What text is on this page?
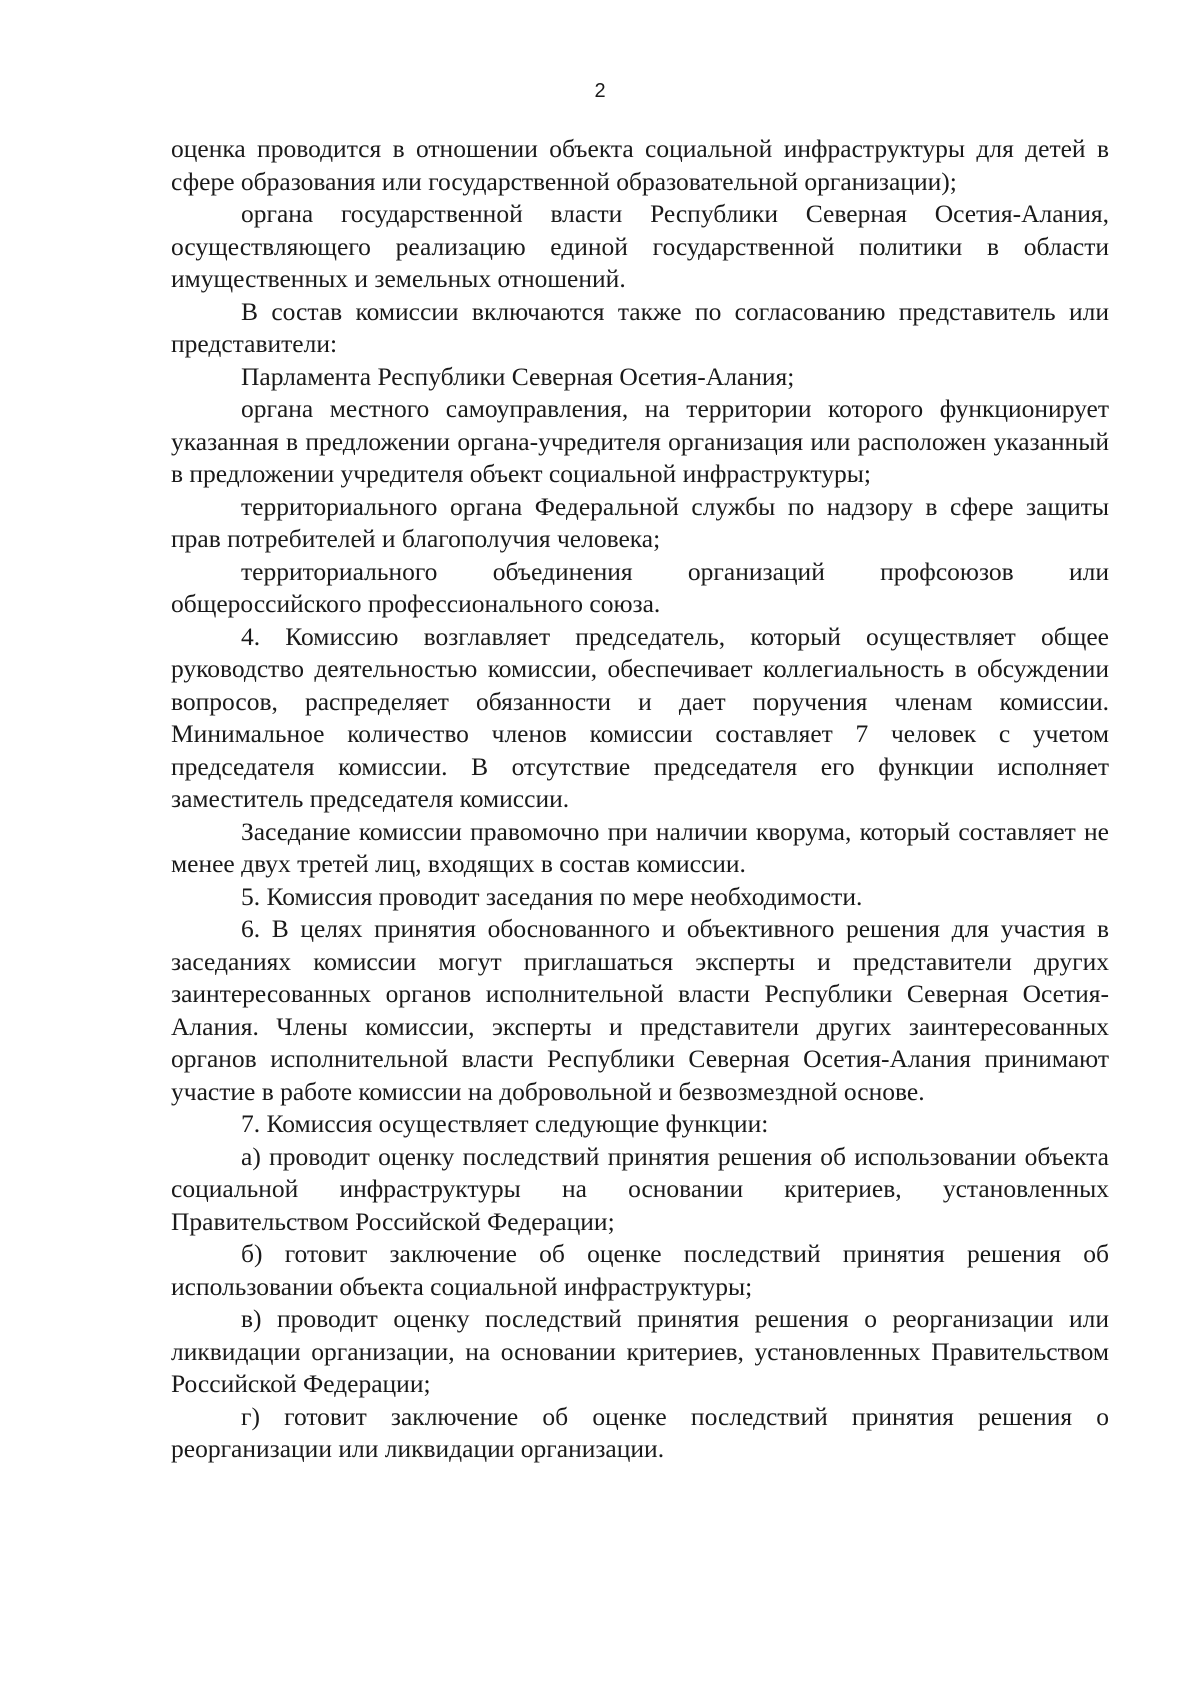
2

оценка проводится в отношении объекта социальной инфраструктуры для детей в сфере образования или государственной образовательной организации);

органа государственной власти Республики Северная Осетия-Алания, осуществляющего реализацию единой государственной политики в области имущественных и земельных отношений.

В состав комиссии включаются также по согласованию представитель или представители:

Парламента Республики Северная Осетия-Алания;

органа местного самоуправления, на территории которого функционирует указанная в предложении органа-учредителя организация или расположен указанный в предложении учредителя объект социальной инфраструктуры;

территориального органа Федеральной службы по надзору в сфере защиты прав потребителей и благополучия человека;

территориального объединения организаций профсоюзов или общероссийского профессионального союза.

4. Комиссию возглавляет председатель, который осуществляет общее руководство деятельностью комиссии, обеспечивает коллегиальность в обсуждении вопросов, распределяет обязанности и дает поручения членам комиссии. Минимальное количество членов комиссии составляет 7 человек с учетом председателя комиссии. В отсутствие председателя его функции исполняет заместитель председателя комиссии.

Заседание комиссии правомочно при наличии кворума, который составляет не менее двух третей лиц, входящих в состав комиссии.

5. Комиссия проводит заседания по мере необходимости.

6. В целях принятия обоснованного и объективного решения для участия в заседаниях комиссии могут приглашаться эксперты и представители других заинтересованных органов исполнительной власти Республики Северная Осетия-Алания. Члены комиссии, эксперты и представители других заинтересованных органов исполнительной власти Республики Северная Осетия-Алания принимают участие в работе комиссии на добровольной и безвозмездной основе.

7. Комиссия осуществляет следующие функции:

а) проводит оценку последствий принятия решения об использовании объекта социальной инфраструктуры на основании критериев, установленных Правительством Российской Федерации;

б) готовит заключение об оценке последствий принятия решения об использовании объекта социальной инфраструктуры;

в) проводит оценку последствий принятия решения о реорганизации или ликвидации организации, на основании критериев, установленных Правительством Российской Федерации;

г) готовит заключение об оценке последствий принятия решения о реорганизации или ликвидации организации.
